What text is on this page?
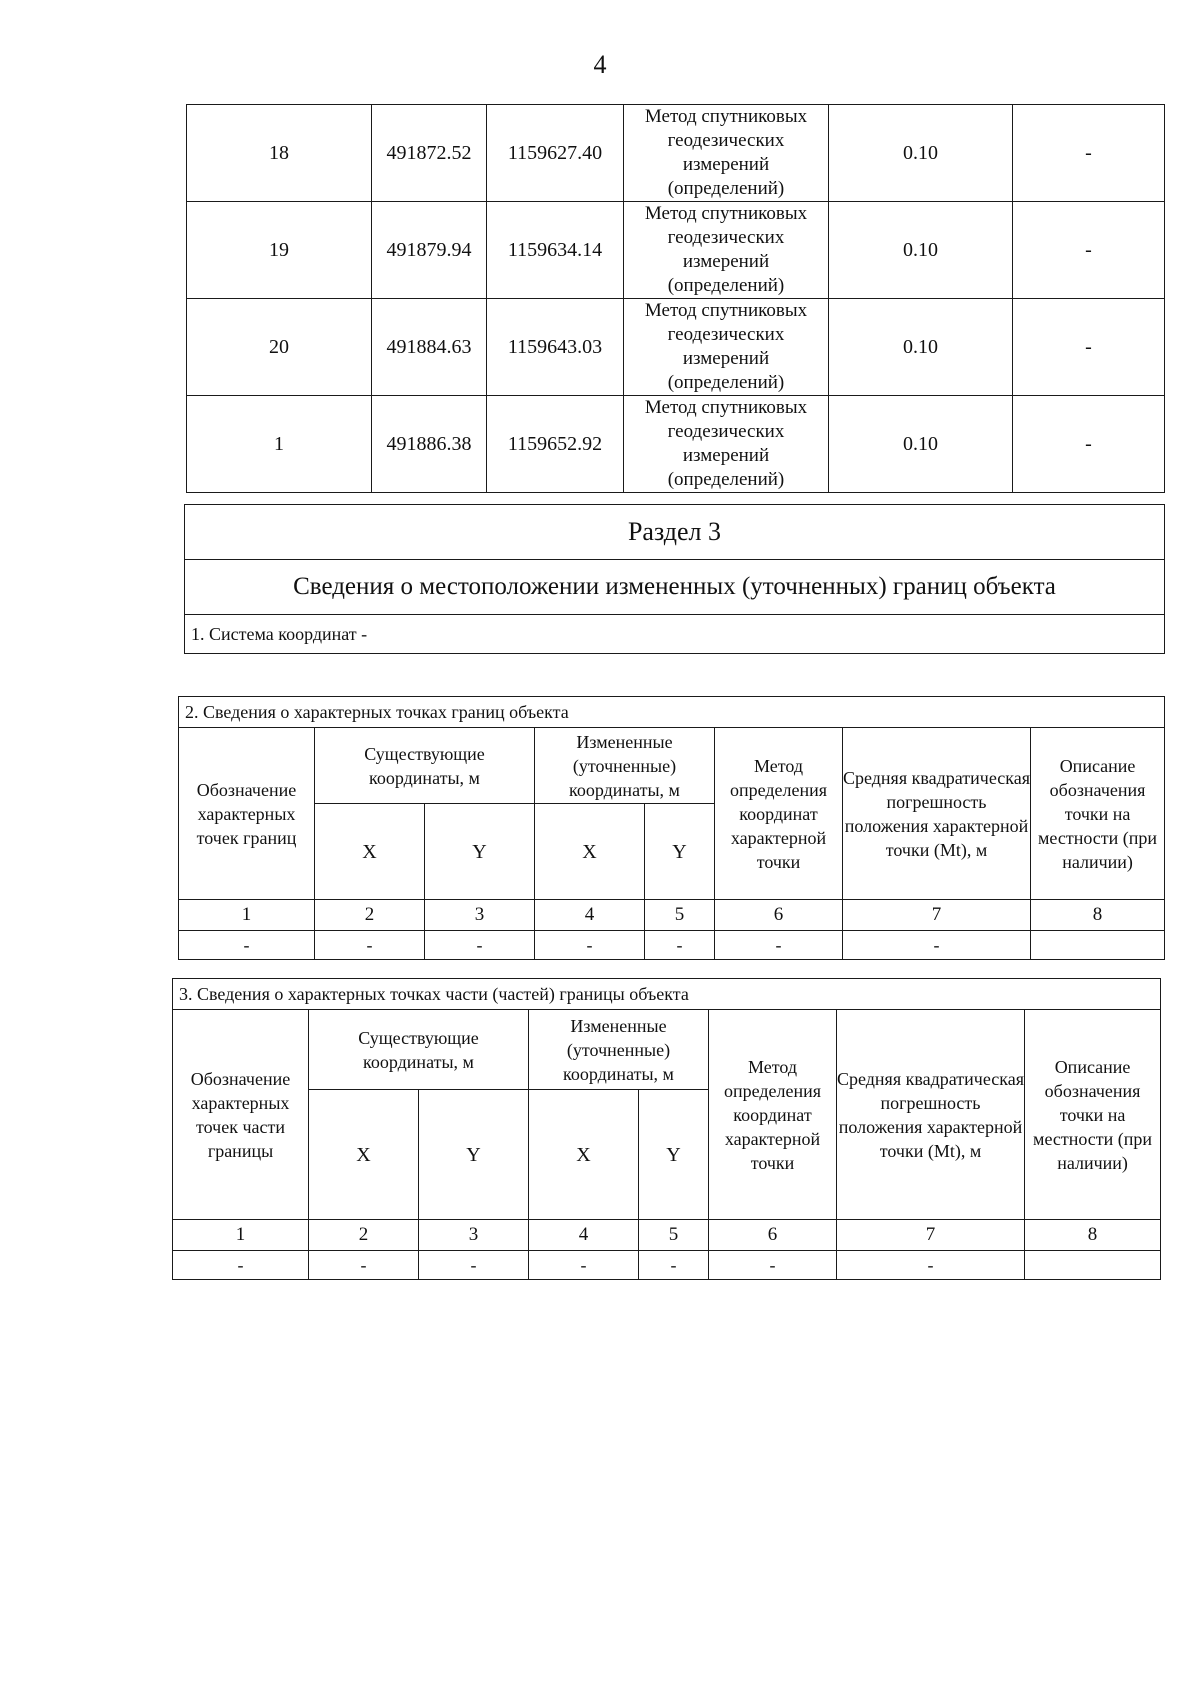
4
18	491872.52	1159627.40	Метод спутниковых геодезических измерений (определений)	0.10	-
19	491879.94	1159634.14	Метод спутниковых геодезических измерений (определений)	0.10	-
20	491884.63	1159643.03	Метод спутниковых геодезических измерений (определений)	0.10	-
1	491886.38	1159652.92	Метод спутниковых геодезических измерений (определений)	0.10	-
Раздел 3
Сведения о местоположении измененных (уточненных) границ объекта
1. Система координат -
2. Сведения о характерных точках границ объекта							
Обозначение характерных точек границ	Существующие координаты, м		Измененные (уточненные) координаты, м		Метод определения координат характерной точки	Средняя квадратическая погрешность положения характерной точки (Mt), м	Описание обозначения точки на местности (при наличии)
	X	Y	X	Y			
1	2	3	4	5	6	7	8
-	-	-	-	-	-	-	
3. Сведения о характерных точках части (частей) границы объекта							
Обозначение характерных точек части границы	Существующие координаты, м		Измененные (уточненные) координаты, м		Метод определения координат характерной точки	Средняя квадратическая погрешность положения характерной точки (Mt), м	Описание обозначения точки на местности (при наличии)
	X	Y	X	Y			
1	2	3	4	5	6	7	8
-	-	-	-	-	-	-	
